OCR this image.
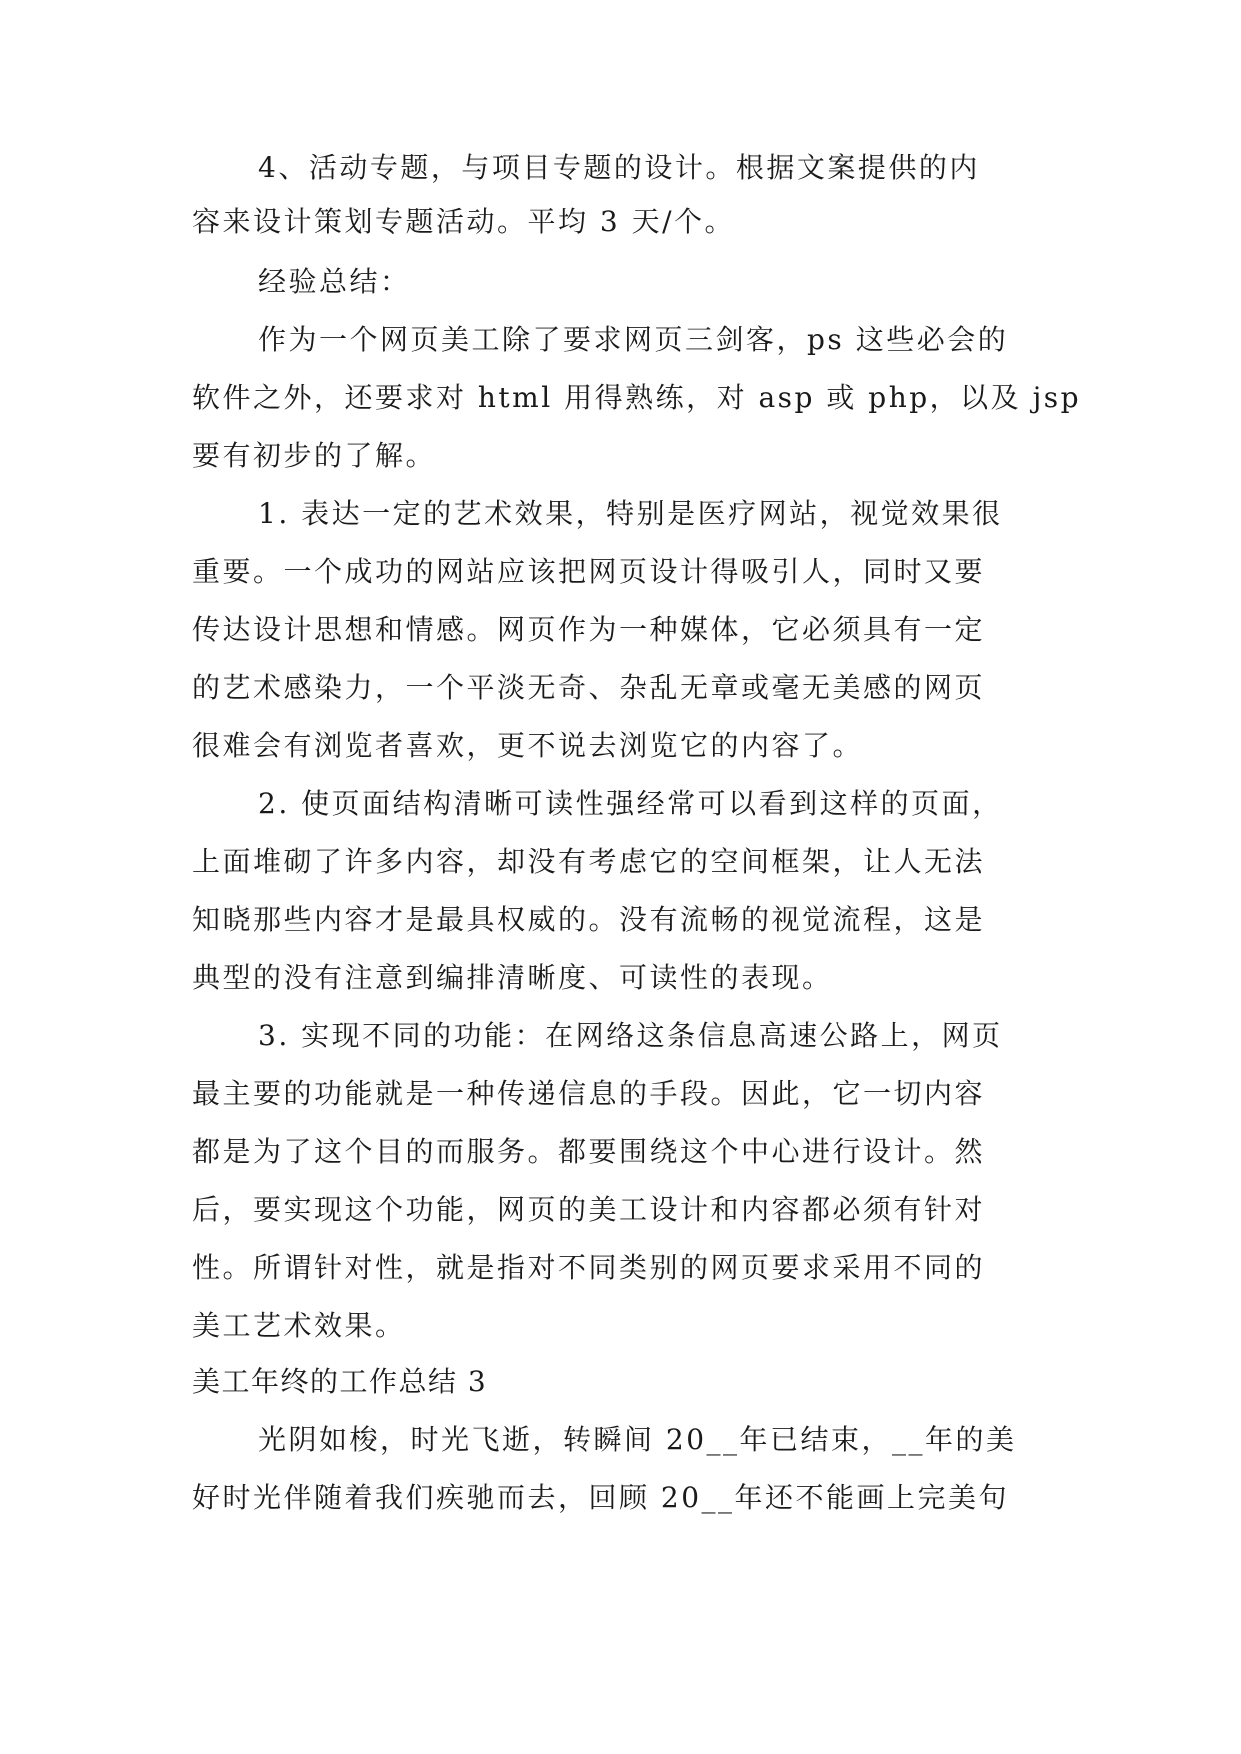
4、活动专题，与项目专题的设计。根据文案提供的内
容来设计策划专题活动。平均 3 天/个。
经验总结：
作为一个网页美工除了要求网页三剑客，ps 这些必会的
软件之外，还要求对 html 用得熟练，对 asp 或 php，以及 jsp
要有初步的了解。
1. 表达一定的艺术效果，特别是医疗网站，视觉效果很
重要。一个成功的网站应该把网页设计得吸引人，同时又要
传达设计思想和情感。网页作为一种媒体，它必须具有一定
的艺术感染力，一个平淡无奇、杂乱无章或毫无美感的网页
很难会有浏览者喜欢，更不说去浏览它的内容了。
2. 使页面结构清晰可读性强经常可以看到这样的页面，
上面堆砌了许多内容，却没有考虑它的空间框架，让人无法
知晓那些内容才是最具权威的。没有流畅的视觉流程，这是
典型的没有注意到编排清晰度、可读性的表现。
3. 实现不同的功能：在网络这条信息高速公路上，网页
最主要的功能就是一种传递信息的手段。因此，它一切内容
都是为了这个目的而服务。都要围绕这个中心进行设计。然
后，要实现这个功能，网页的美工设计和内容都必须有针对
性。所谓针对性，就是指对不同类别的网页要求采用不同的
美工艺术效果。
美工年终的工作总结 3
光阴如梭，时光飞逝，转瞬间 20__年已结束，__年的美
好时光伴随着我们疾驰而去，回顾 20__年还不能画上完美句
